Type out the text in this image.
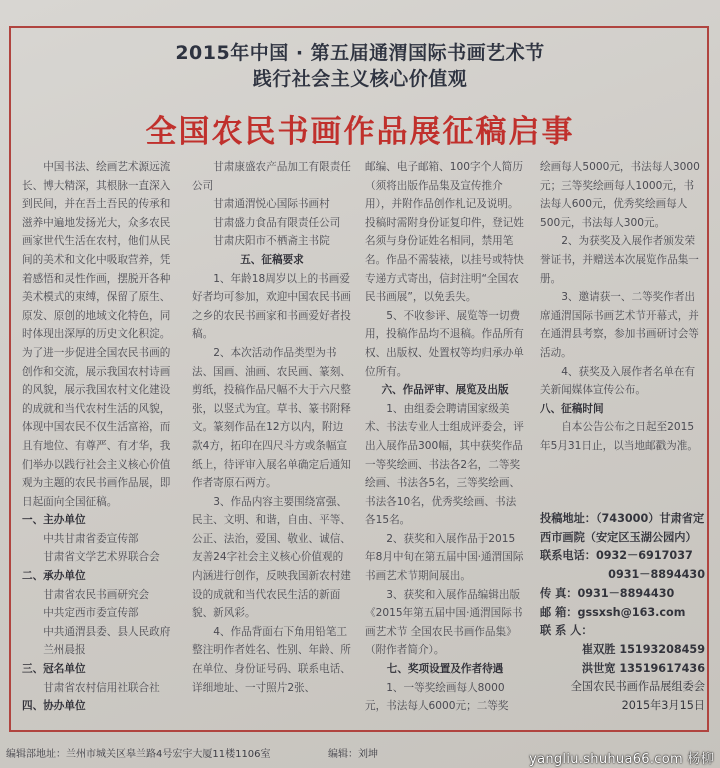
2015年中国 · 第五届通渭国际书画艺术节
践行社会主义核心价值观
全国农民书画作品展征稿启事

中国书法、绘画艺术源远流长、博大精深，其根脉一直深入到民间，并在吾土吾民的传承和滋养中遍地发扬光大，众多农民画家世代生活在农村，他们从民间的美术和文化中吸取营养，凭着感悟和灵性作画，摆脱开各种美术模式的束缚，保留了原生、原发、原创的地域文化特色，同时体现出深厚的历史文化积淀。为了进一步促进全国农民书画的创作和交流，展示我国农村诗画的风貌，展示我国农村文化建设的成就和当代农村生活的风貌，体现中国农民不仅生活富裕，而且有地位、有尊严、有才华，我们举办以践行社会主义核心价值观为主题的农民书画作品展，即日起面向全国征稿。

一、主办单位

中共甘肃省委宣传部

甘肃省文学艺术界联合会

二、承办单位

甘肃省农民书画研究会

中共定西市委宣传部

中共通渭县委、县人民政府

兰州晨报

三、冠名单位

甘肃省农村信用社联合社

四、协办单位

甘肃康盛农产品加工有限责任公司

甘肃通渭悦心国际书画村

甘肃盛力食品有限责任公司

甘肃庆阳市不栖斋主书院

五、征稿要求

1、年龄18周岁以上的书画爱好者均可参加，欢迎中国农民书画之乡的农民书画家和书画爱好者投稿。

2、本次活动作品类型为书法、国画、油画、农民画、篆刻、剪纸，投稿作品尺幅不大于六尺整张，以竖式为宜。草书、篆书附释文。篆刻作品在12方以内，附边款4方，拓印在四尺斗方或条幅宣纸上，待评审入展名单确定后通知作者寄原石两方。

3、作品内容主要围绕富强、民主、文明、和谐，自由、平等、公正、法治，爱国、敬业、诚信、友善24字社会主义核心价值观的内涵进行创作，反映我国新农村建设的成就和当代农民生活的新面貌、新风彩。

4、作品背面右下角用铅笔工整注明作者姓名、性别、年龄、所在单位、身份证号码、联系电话、详细地址、一寸照片2张、

邮编、电子邮箱、100字个人简历（须将出版作品集及宣传推介用），并附作品创作札记及说明。投稿时需附身份证复印件，登记姓名须与身份证姓名相同，禁用笔名。作品不需装裱，以挂号或特快专递方式寄出，信封注明“全国农民书画展”，以免丢失。

5、不收参评、展览等一切费用，投稿作品均不退稿。作品所有权、出版权、处置权等均归承办单位所有。

六、作品评审、展览及出版

1、由组委会聘请国家级美术、书法专业人士组成评委会，评出入展作品300幅，其中获奖作品一等奖绘画、书法各2名，二等奖绘画、书法各5名，三等奖绘画、书法各10名，优秀奖绘画、书法各15名。

2、获奖和入展作品于2015年8月中旬在第五届中国·通渭国际书画艺术节期间展出。

3、获奖和入展作品编辑出版《2015年第五届中国·通渭国际书画艺术节 全国农民书画作品集》（附作者简介）。

七、奖项设置及作者待遇

1、一等奖绘画每人8000元，书法每人6000元；二等奖

绘画每人5000元，书法每人3000元；三等奖绘画每人1000元，书法每人600元，优秀奖绘画每人500元，书法每人300元。

2、为获奖及入展作者颁发荣誉证书，并赠送本次展览作品集一册。

3、邀请获一、二等奖作者出席通渭国际书画艺术节开幕式，并在通渭县考察，参加书画研讨会等活动。

4、获奖及入展作者名单在有关新闻媒体宣传公布。

八、征稿时间

自本公告公布之日起至2015年5月31日止，以当地邮戳为准。

投稿地址：（743000）甘肃省定西市画院（安定区玉湖公园内）
联系电话：0932－6917037
0931－8894430
传 真：0931－8894430
邮 箱：gssxsh@163.com
联 系 人：
崔双胜 15193208459
洪世宽 13519617436
全国农民书画作品展组委会
2015年3月15日
编辑部地址：兰州市城关区皋兰路4号宏宇大厦11楼1106室	编辑：刘坤	yangliu.shuhua66.com 杨柳
